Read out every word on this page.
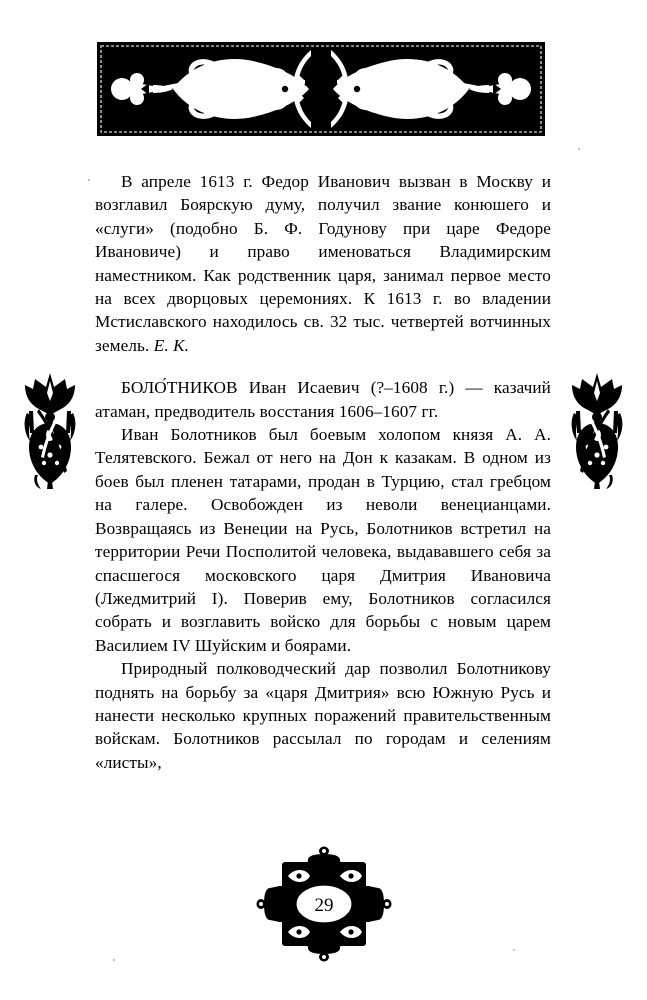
В апреле 1613 г. Федор Иванович вызван в Москву и возглавил Боярскую думу, получил звание конюшего и «слуги» (подобно Б. Ф. Годунову при царе Федоре Ивановиче) и право именоваться Владимирским наместником. Как родственник царя, занимал первое место на всех дворцовых церемониях. К 1613 г. во владении Мстиславского находилось св. 32 тыс. четвертей вотчинных земель. Е. К.

БОЛО́ТНИКОВ Иван Исаевич (?–1608 г.) — казачий атаман, предводитель восстания 1606–1607 гг.

Иван Болотников был боевым холопом князя А. А. Телятевского. Бежал от него на Дон к казакам. В одном из боев был пленен татарами, продан в Турцию, стал гребцом на галере. Освобожден из неволи венецианцами. Возвращаясь из Венеции на Русь, Болотников встретил на территории Речи Посполитой человека, выдававшего себя за спасшегося московского царя Дмитрия Ивановича (Лжедмитрий I). Поверив ему, Болотников согласился собрать и возглавить войско для борьбы с новым царем Василием IV Шуйским и боярами.

Природный полководческий дар позволил Болотникову поднять на борьбу за «царя Дмитрия» всю Южную Русь и нанести несколько крупных поражений правительственным войскам. Болотников рассылал по городам и селениям «листы»,

29
